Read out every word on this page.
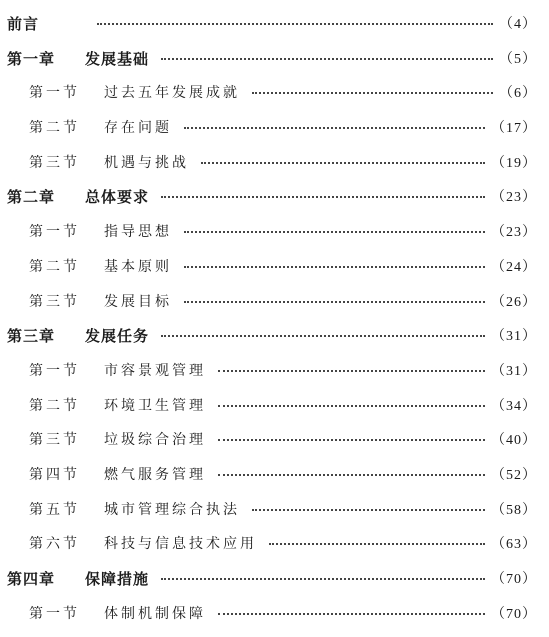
前言	（4）
第一章	发展基础	（5）
第一节	过去五年发展成就	（6）
第二节	存在问题	（17）
第三节	机遇与挑战	（19）
第二章	总体要求	（23）
第一节	指导思想	（23）
第二节	基本原则	（24）
第三节	发展目标	（26）
第三章	发展任务	（31）
第一节	市容景观管理	（31）
第二节	环境卫生管理	（34）
第三节	垃圾综合治理	（40）
第四节	燃气服务管理	（52）
第五节	城市管理综合执法	（58）
第六节	科技与信息技术应用	（63）
第四章	保障措施	（70）
第一节	体制机制保障	（70）
